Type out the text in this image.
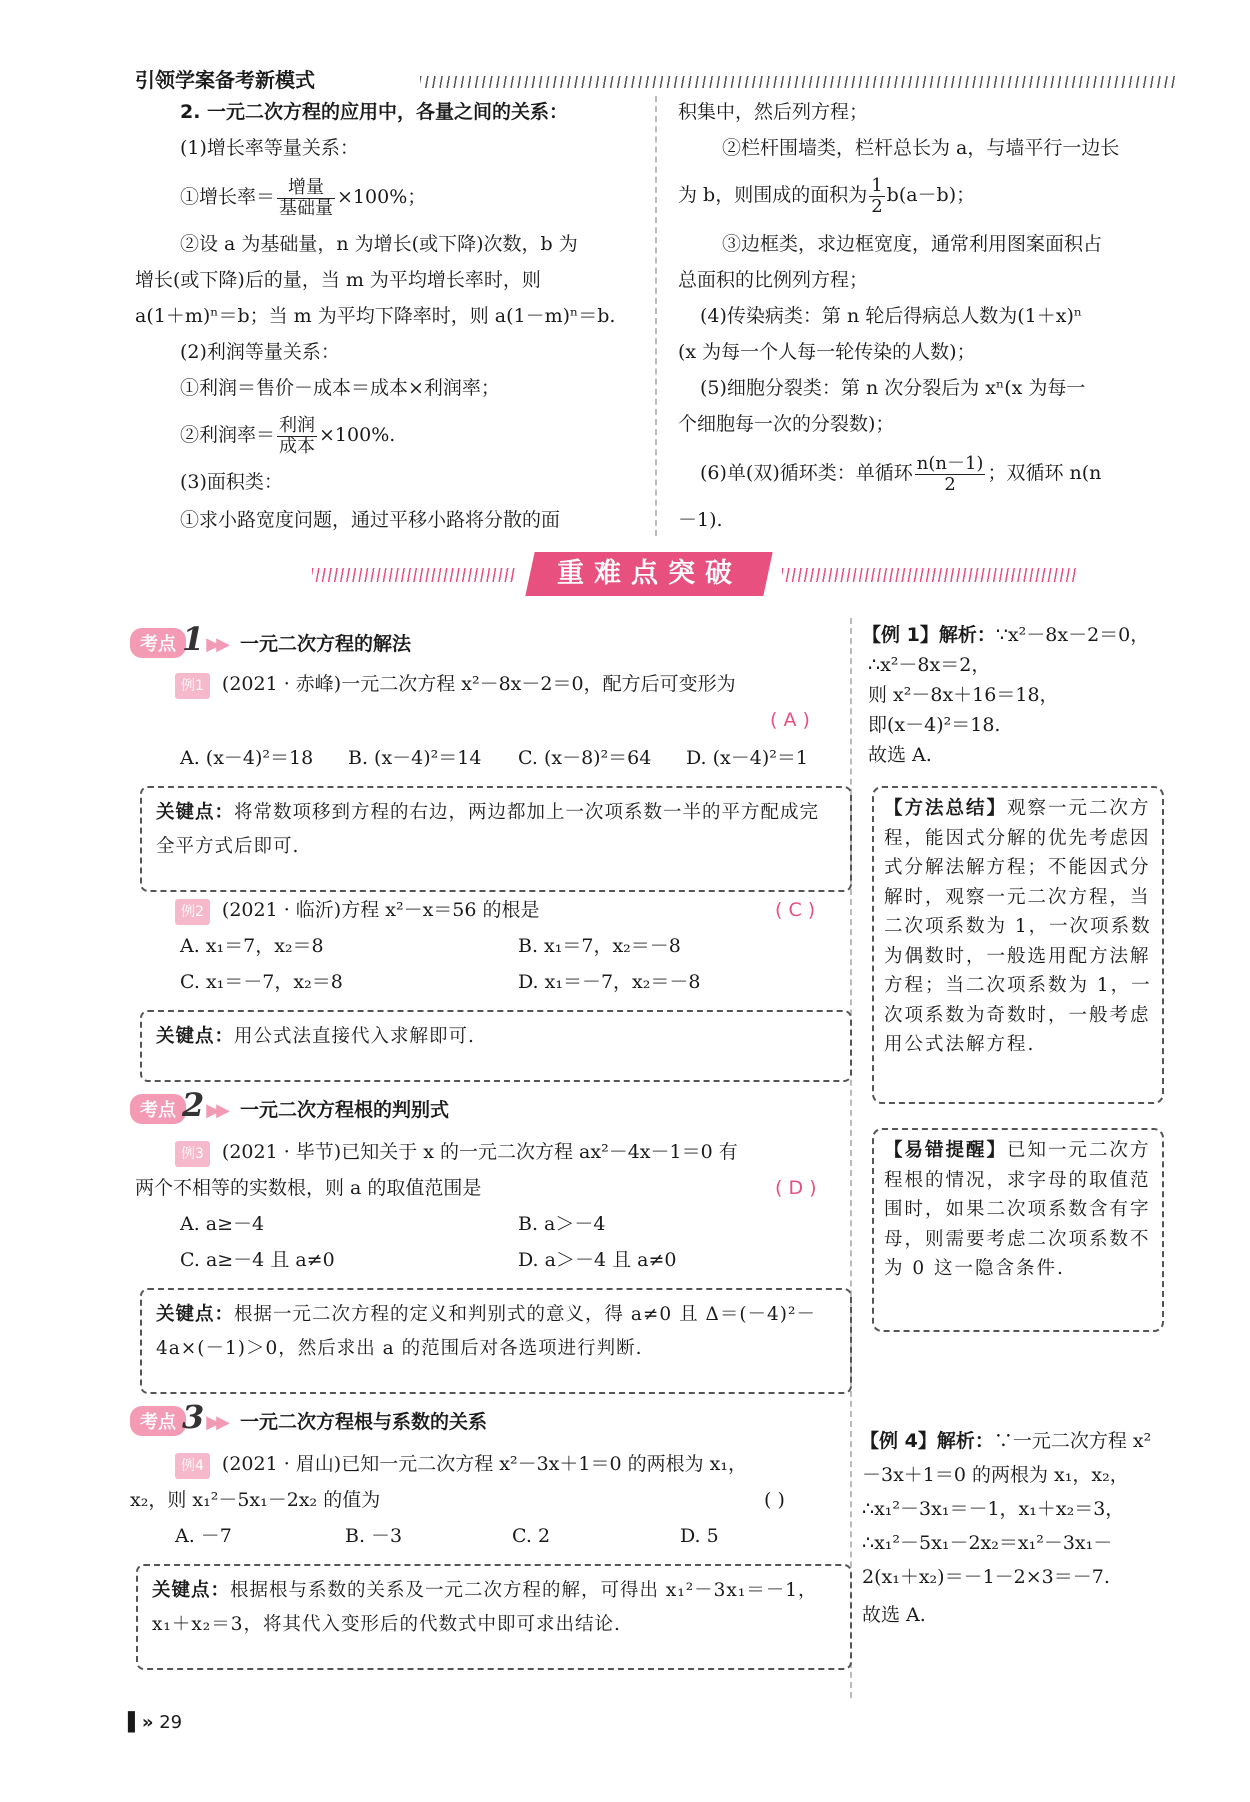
引领学案备考新模式
2. 一元二次方程的应用中，各量之间的关系：
(1)增长率等量关系：
①增长率＝ $\frac{\text{增量}}{\text{基础量}} \times 100\%$；
②设 a 为基础量，n 为增长(或下降)次数，b 为
增长(或下降)后的量，当 m 为平均增长率时，则
a(1＋m)ⁿ＝b；当 m 为平均下降率时，则 a(1－m)ⁿ＝b.
(2)利润等量关系：
①利润＝售价－成本＝成本×利润率；
②利润率＝ $\frac{\text{利润}}{\text{成本}} \times 100\%$.
(3)面积类：
①求小路宽度问题，通过平移小路将分散的面
积集中，然后列方程；
②栏杆围墙类，栏杆总长为 a，与墙平行一边长
为 b，则围成的面积为 $\frac{1}{2} b(a-b)$；
③边框类，求边框宽度，通常利用图案面积占
总面积的比例列方程；
(4)传染病类：第 n 轮后得病总人数为(1＋x)ⁿ
(x 为每一个人每一轮传染的人数)；
(5)细胞分裂类：第 n 次分裂后为 xⁿ(x 为每一
个细胞每一次的分裂数)；
(6)单(双)循环类：单循环 $\frac{n(n-1)}{2}$ ；双循环 n(n
－1).
重难点突破
考点 1 ▶▶ 一元二次方程的解法
例1 (2021 · 赤峰)一元二次方程 x²－8x－2＝0，配方后可变形为
( A )
A. (x－4)²＝18 B. (x－4)²＝14 C. (x－8)²＝64 D. (x－4)²＝1
关键点：将常数项移到方程的右边，两边都加上一次项系数一半的平方配成完全平方式后即可.
例2 (2021 · 临沂)方程 x²－x＝56 的根是	( C )
A. x₁＝7，x₂＝8	B. x₁＝7，x₂＝－8
C. x₁＝－7，x₂＝8	D. x₁＝－7，x₂＝－8
关键点：用公式法直接代入求解即可.
考点 2 ▶▶ 一元二次方程根的判别式
例3 (2021 · 毕节)已知关于 x 的一元二次方程 ax²－4x－1＝0 有
两个不相等的实数根，则 a 的取值范围是	( D )
A. a≥－4	B. a＞－4
C. a≥－4 且 a≠0	D. a＞－4 且 a≠0
关键点：根据一元二次方程的定义和判别式的意义，得 a≠0 且 Δ＝(－4)²－4a×(－1)＞0，然后求出 a 的范围后对各选项进行判断.
考点 3 ▶▶ 一元二次方程根与系数的关系
例4 (2021 · 眉山)已知一元二次方程 x²－3x＋1＝0 的两根为 x₁，
x₂，则 x₁²－5x₁－2x₂ 的值为	( )
A. －7	B. －3	C. 2	D. 5
关键点：根据根与系数的关系及一元二次方程的解，可得出 x₁²－3x₁＝－1，x₁＋x₂＝3，将其代入变形后的代数式中即可求出结论.
【例 1】解析：∵x²－8x－2＝0，
∴x²－8x＝2，
则 x²－8x＋16＝18，
即(x－4)²＝18.
故选 A.
【方法总结】观察一元二次方程，能因式分解的优先考虑因式分解法解方程；不能因式分解时，观察一元二次方程，当二次项系数为 1，一次项系数为偶数时，一般选用配方法解方程；当二次项系数为 1，一次项系数为奇数时，一般考虑用公式法解方程.
【易错提醒】已知一元二次方程根的情况，求字母的取值范围时，如果二次项系数含有字母，则需要考虑二次项系数不为 0 这一隐含条件.
【例 4】解析：∵一元二次方程 x²
－3x＋1＝0 的两根为 x₁，x₂，
∴x₁²－3x₁＝－1，x₁＋x₂＝3，
∴x₁²－5x₁－2x₂＝x₁²－3x₁－
2(x₁＋x₂)＝－1－2×3＝－7.
故选 A.
▌» 29
